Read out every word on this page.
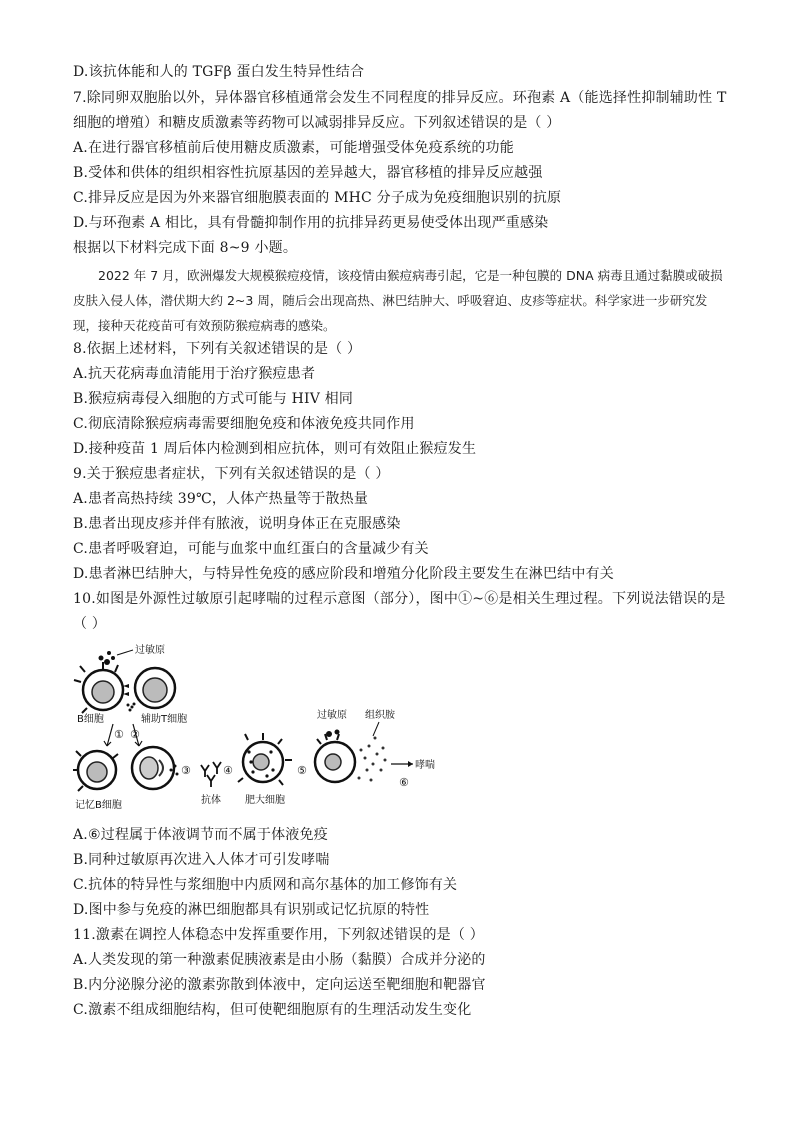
D.该抗体能和人的 TGFβ 蛋白发生特异性结合
7.除同卵双胞胎以外，异体器官移植通常会发生不同程度的排异反应。环孢素 A（能选择性抑制辅助性 T
细胞的增殖）和糖皮质激素等药物可以减弱排异反应。下列叙述错误的是（ ）
A.在进行器官移植前后使用糖皮质激素，可能增强受体免疫系统的功能
B.受体和供体的组织相容性抗原基因的差异越大，器官移植的排异反应越强
C.排异反应是因为外来器官细胞膜表面的 MHC 分子成为免疫细胞识别的抗原
D.与环孢素 A 相比，具有骨髓抑制作用的抗排异药更易使受体出现严重感染
根据以下材料完成下面 8~9 小题。

2022 年 7 月，欧洲爆发大规模猴痘疫情，该疫情由猴痘病毒引起，它是一种包膜的 DNA 病毒且通过黏膜或破损皮肤入侵人体，潜伏期大约 2~3 周，随后会出现高热、淋巴结肿大、呼吸窘迫、皮疹等症状。科学家进一步研究发现，接种天花疫苗可有效预防猴痘病毒的感染。

8.依据上述材料，下列有关叙述错误的是（ ）
A.抗天花病毒血清能用于治疗猴痘患者
B.猴痘病毒侵入细胞的方式可能与 HIV 相同
C.彻底清除猴痘病毒需要细胞免疫和体液免疫共同作用
D.接种疫苗 1 周后体内检测到相应抗体，则可有效阻止猴痘发生
9.关于猴痘患者症状，下列有关叙述错误的是（ ）
A.患者高热持续 39℃，人体产热量等于散热量
B.患者出现皮疹并伴有脓液，说明身体正在克服感染
C.患者呼吸窘迫，可能与血浆中血红蛋白的含量减少有关
D.患者淋巴结肿大，与特异性免疫的感应阶段和增殖分化阶段主要发生在淋巴结中有关
10.如图是外源性过敏原引起哮喘的过程示意图（部分），图中①~⑥是相关生理过程。下列说法错误的是
（ ）
过敏原
B细胞	辅助T细胞
① ②
记忆B细胞
③
抗体
④
肥大细胞
⑤
过敏原 组织胺
哮喘
⑥
A.⑥过程属于体液调节而不属于体液免疫
B.同种过敏原再次进入人体才可引发哮喘
C.抗体的特异性与浆细胞中内质网和高尔基体的加工修饰有关
D.图中参与免疫的淋巴细胞都具有识别或记忆抗原的特性
11.激素在调控人体稳态中发挥重要作用，下列叙述错误的是（ ）
A.人类发现的第一种激素促胰液素是由小肠（黏膜）合成并分泌的
B.内分泌腺分泌的激素弥散到体液中，定向运送至靶细胞和靶器官
C.激素不组成细胞结构，但可使靶细胞原有的生理活动发生变化
